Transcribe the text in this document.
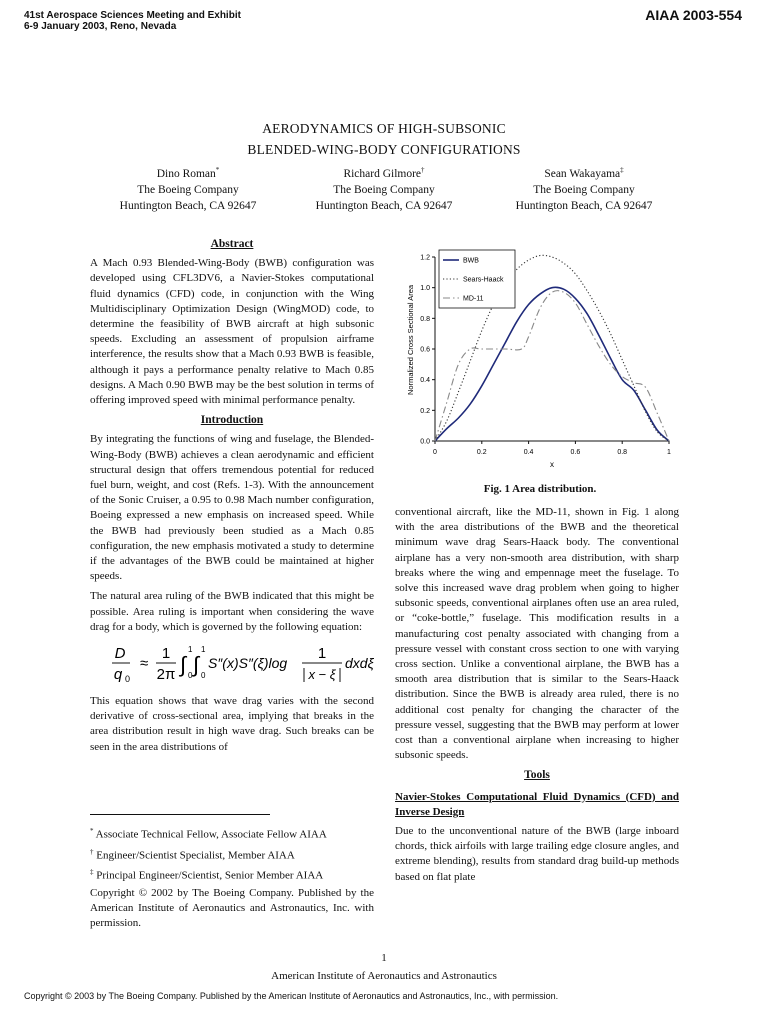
41st Aerospace Sciences Meeting and Exhibit
6-9 January 2003, Reno, Nevada
AIAA 2003-554
AERODYNAMICS OF HIGH-SUBSONIC
BLENDED-WING-BODY CONFIGURATIONS
Dino Roman*
The Boeing Company
Huntington Beach, CA 92647
Richard Gilmore†
The Boeing Company
Huntington Beach, CA 92647
Sean Wakayama‡
The Boeing Company
Huntington Beach, CA 92647
Abstract

A Mach 0.93 Blended-Wing-Body (BWB) configuration was developed using CFL3DV6, a Navier-Stokes computational fluid dynamics (CFD) code, in conjunction with the Wing Multidisciplinary Optimization Design (WingMOD) code, to determine the feasibility of BWB aircraft at high subsonic speeds. Excluding an assessment of propulsion airframe interference, the results show that a Mach 0.93 BWB is feasible, although it pays a performance penalty relative to Mach 0.85 designs. A Mach 0.90 BWB may be the best solution in terms of offering improved speed with minimal performance penalty.

Introduction

By integrating the functions of wing and fuselage, the Blended-Wing-Body (BWB) achieves a clean aerodynamic and efficient structural design that offers tremendous potential for reduced fuel burn, weight, and cost (Refs. 1-3). With the announcement of the Sonic Cruiser, a 0.95 to 0.98 Mach number configuration, Boeing expressed a new emphasis on increased speed. While the BWB had previously been studied as a Mach 0.85 configuration, the new emphasis motivated a study to determine if the advantages of the BWB could be maintained at higher speeds.

The natural area ruling of the BWB indicated that this might be possible. Area ruling is important when considering the wave drag for a body, which is governed by the following equation:

D
q 0
≈
1
2π ∫
1
0 ∫
1
0
S″(x)S″(ξ)log
1
x − ξ
dxdξ

This equation shows that wave drag varies with the second derivative of cross-sectional area, implying that breaks in the area distribution result in high wave drag. Such breaks can be seen in the area distributions of

* Associate Technical Fellow, Associate Fellow AIAA
† Engineer/Scientist Specialist, Member AIAA
‡ Principal Engineer/Scientist, Senior Member AIAA
Copyright © 2002 by The Boeing Company. Published by the American Institute of Aeronautics and Astronautics, Inc. with permission.
Normalized Cross Sectional Area
x
0	0.2	0.4	0.6	0.8	1
0.0
0.2
0.4
0.6
0.8
1.0
1.2	BWB
Sears-Haack
MD-11
Fig. 1 Area distribution.

conventional aircraft, like the MD-11, shown in Fig. 1 along with the area distributions of the BWB and the theoretical minimum wave drag Sears-Haack body. The conventional airplane has a very non-smooth area distribution, with sharp breaks where the wing and empennage meet the fuselage. To solve this increased wave drag problem when going to higher subsonic speeds, conventional airplanes often use an area ruled, or “coke-bottle,” fuselage. This modification results in a manufacturing cost penalty associated with changing from a pressure vessel with constant cross section to one with varying cross section. Unlike a conventional airplane, the BWB has a smooth area distribution that is similar to the Sears-Haack distribution. Since the BWB is already area ruled, there is no additional cost penalty for changing the character of the pressure vessel, suggesting that the BWB may perform at lower cost than a conventional airplane when increasing to higher subsonic speeds.

Tools
Navier-Stokes Computational Fluid Dynamics (CFD) and Inverse Design

Due to the unconventional nature of the BWB (large inboard chords, thick airfoils with large trailing edge closure angles, and extreme blending), results from standard drag build-up methods based on flat plate

1
American Institute of Aeronautics and Astronautics
Copyright © 2003 by The Boeing Company. Published by the American Institute of Aeronautics and Astronautics, Inc., with permission.
